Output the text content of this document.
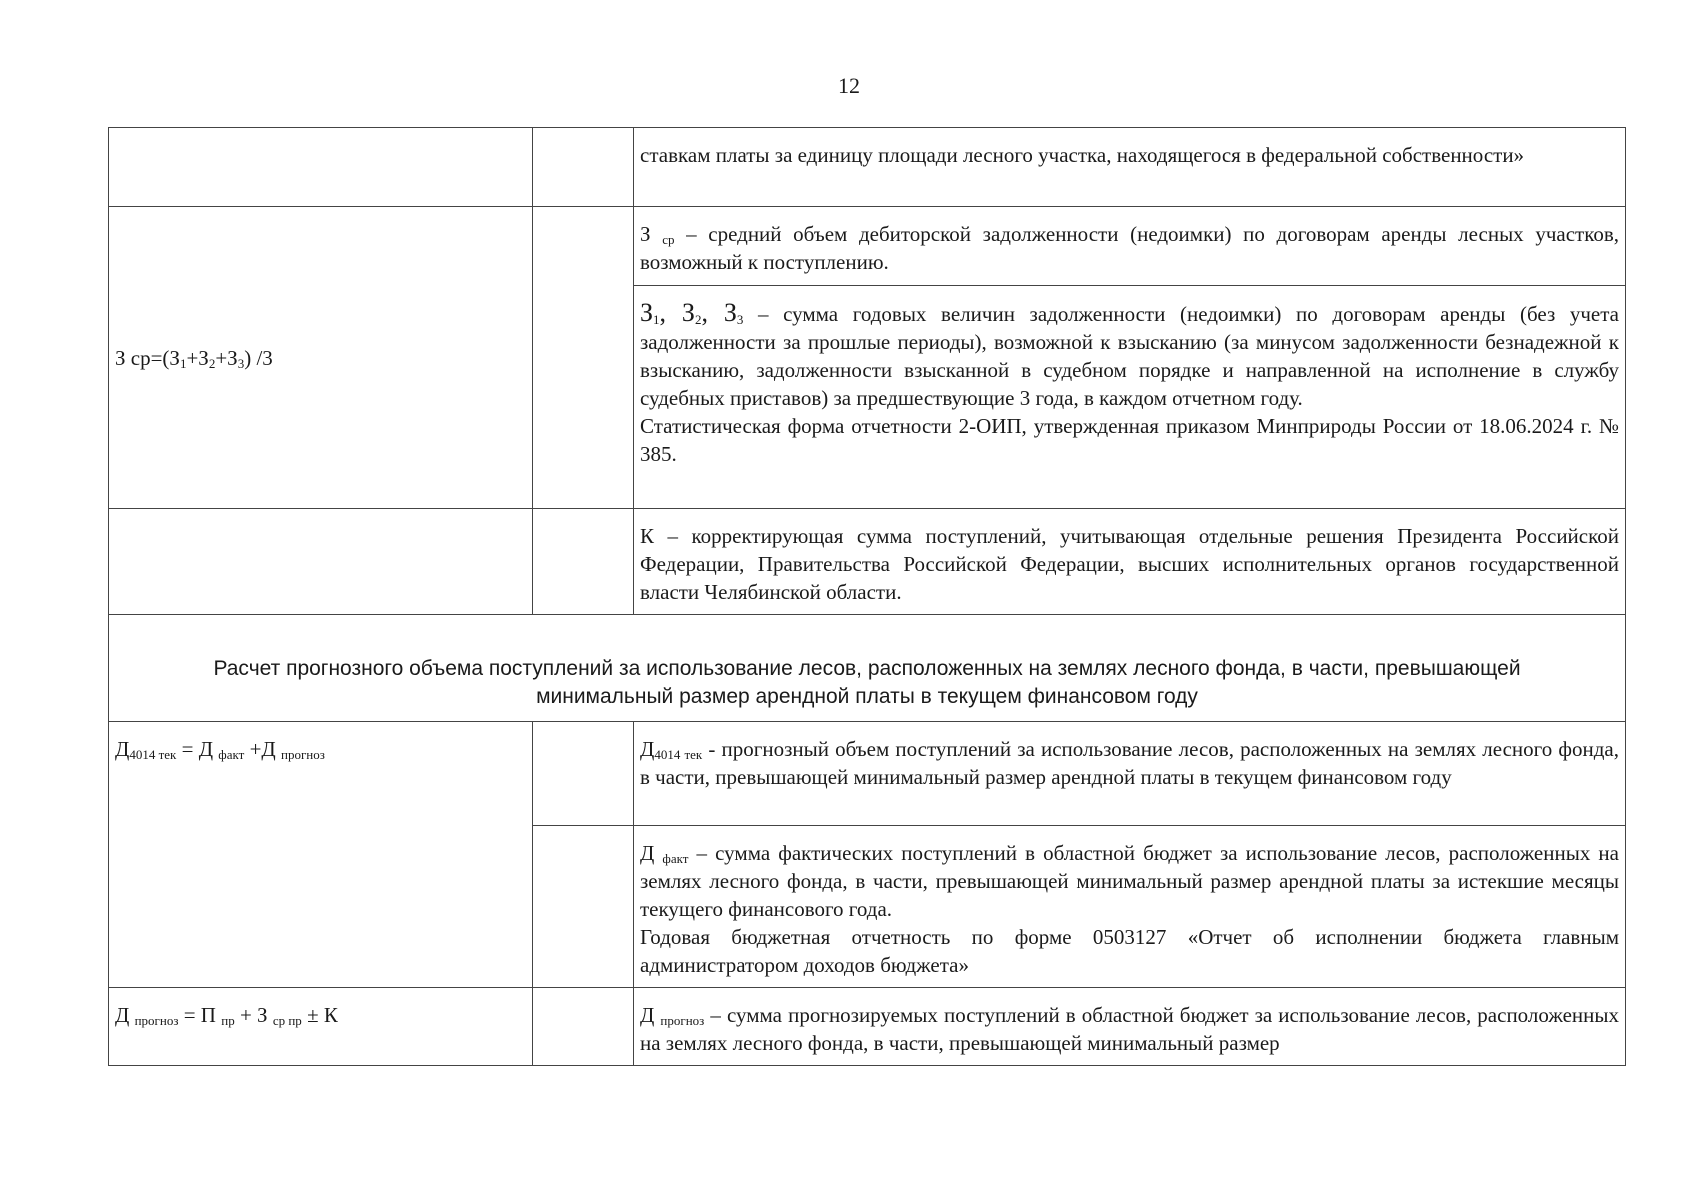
12

		ставкам платы за единицу площади лесного участка, находящегося в федеральной собственности»

З ср=(З1+З2+З3) /3		З ср – средний объем дебиторской задолженности (недоимки) по договорам аренды лесных участков, возможный к поступлению.

		З1, З2, З3 – сумма годовых величин задолженности (недоимки) по договорам аренды (без учета задолженности за прошлые периоды), возможной к взысканию (за минусом задолженности безнадежной к взысканию, задолженности взысканной в судебном порядке и направленной на исполнение в службу судебных приставов) за предшествующие 3 года, в каждом отчетном году.

Статистическая форма отчетности 2-ОИП, утвержденная приказом Минприроды России от 18.06.2024 г. № 385.

		К – корректирующая сумма поступлений, учитывающая отдельные решения Президента Российской Федерации, Правительства Российской Федерации, высших исполнительных органов государственной власти Челябинской области.

Расчет прогнозного объема поступлений за использование лесов, расположенных на землях лесного фонда, в части, превышающей минимальный размер арендной платы в текущем финансовом году		

Д4014 тек = Д факт +Д прогноз		Д4014 тек - прогнозный объем поступлений за использование лесов, расположенных на землях лесного фонда, в части, превышающей минимальный размер арендной платы в текущем финансовом году

		Д факт – сумма фактических поступлений в областной бюджет за использование лесов, расположенных на землях лесного фонда, в части, превышающей минимальный размер арендной платы за истекшие месяцы текущего финансового года.

Годовая бюджетная отчетность по форме 0503127 «Отчет об исполнении бюджета главным администратором доходов бюджета»

Д прогноз = П пр + З ср пр ± К		Д прогноз – сумма прогнозируемых поступлений в областной бюджет за использование лесов, расположенных на землях лесного фонда, в части, превышающей минимальный размер
